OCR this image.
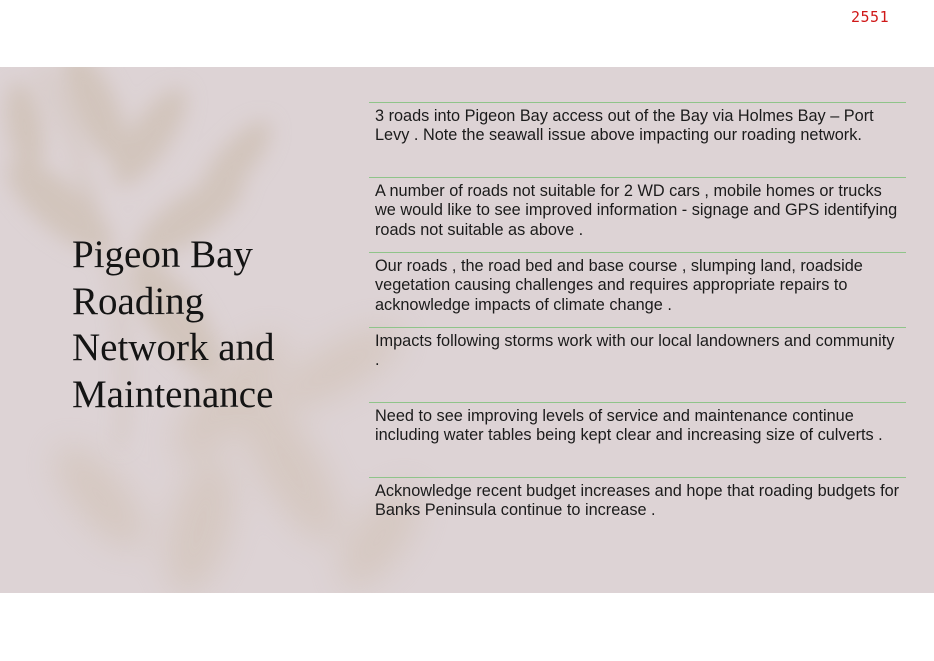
2551
Pigeon Bay Roading Network and Maintenance
3 roads into Pigeon Bay access out of the Bay via Holmes Bay – Port Levy . Note the seawall issue above impacting our roading network.
A number of roads not suitable for 2 WD cars , mobile homes or trucks we would like to see improved information - signage and GPS identifying roads not suitable as above .
Our roads , the road bed and base course , slumping land, roadside vegetation causing challenges and requires appropriate repairs to acknowledge impacts of climate change .
Impacts following storms work with our local landowners and community .
Need to see improving levels of service and maintenance continue including water tables being kept clear and increasing size of culverts .
Acknowledge recent budget increases and hope that roading budgets for Banks Peninsula continue to increase .
